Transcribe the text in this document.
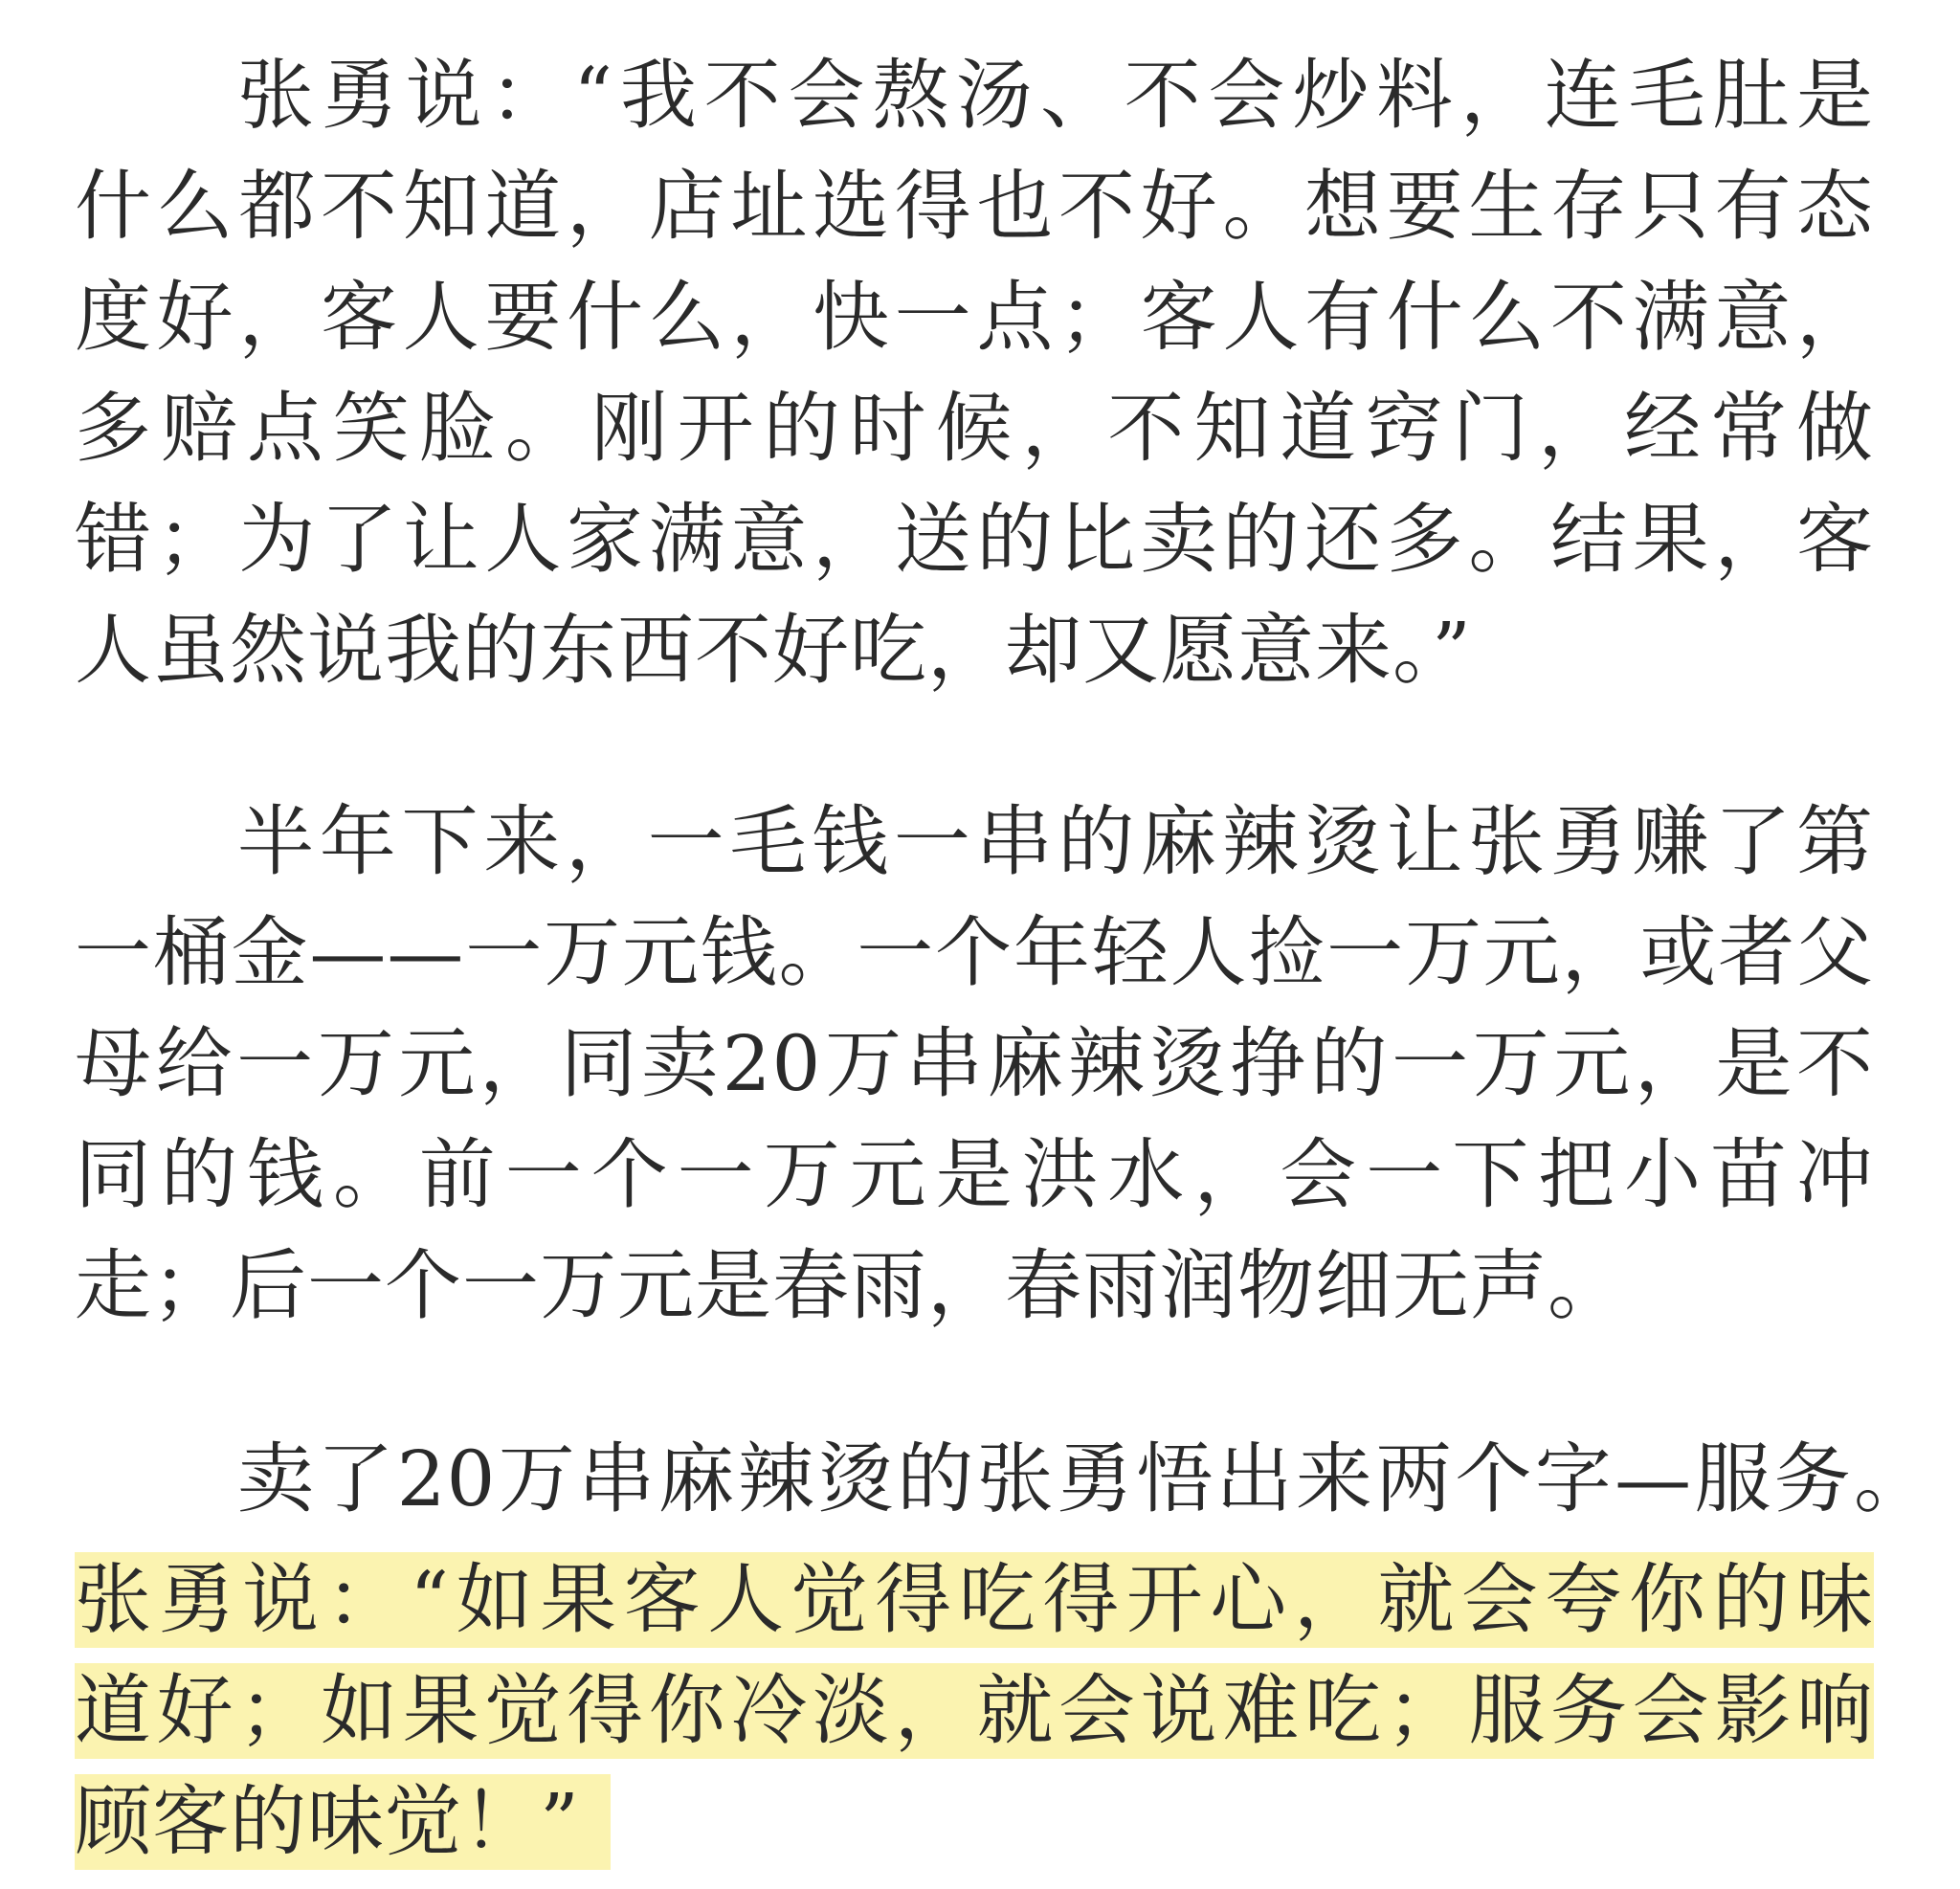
张勇说：“我不会熬汤、不会炒料，连毛肚是
什么都不知道，店址选得也不好。想要生存只有态
度好，客人要什么，快一点；客人有什么不满意，
多赔点笑脸。刚开的时候，不知道窍门，经常做
错；为了让人家满意，送的比卖的还多。结果，客
人虽然说我的东西不好吃，却又愿意来。”
半年下来，一毛钱一串的麻辣烫让张勇赚了第
一桶金——一万元钱。一个年轻人捡一万元，或者父
母给一万元，同卖20万串麻辣烫挣的一万元，是不
同的钱。前一个一万元是洪水，会一下把小苗冲
走；后一个一万元是春雨，春雨润物细无声。
卖了20万串麻辣烫的张勇悟出来两个字—服务。
张勇说：“如果客人觉得吃得开心，就会夸你的味
道好；如果觉得你冷淡，就会说难吃；服务会影响
顾客的味觉！”
